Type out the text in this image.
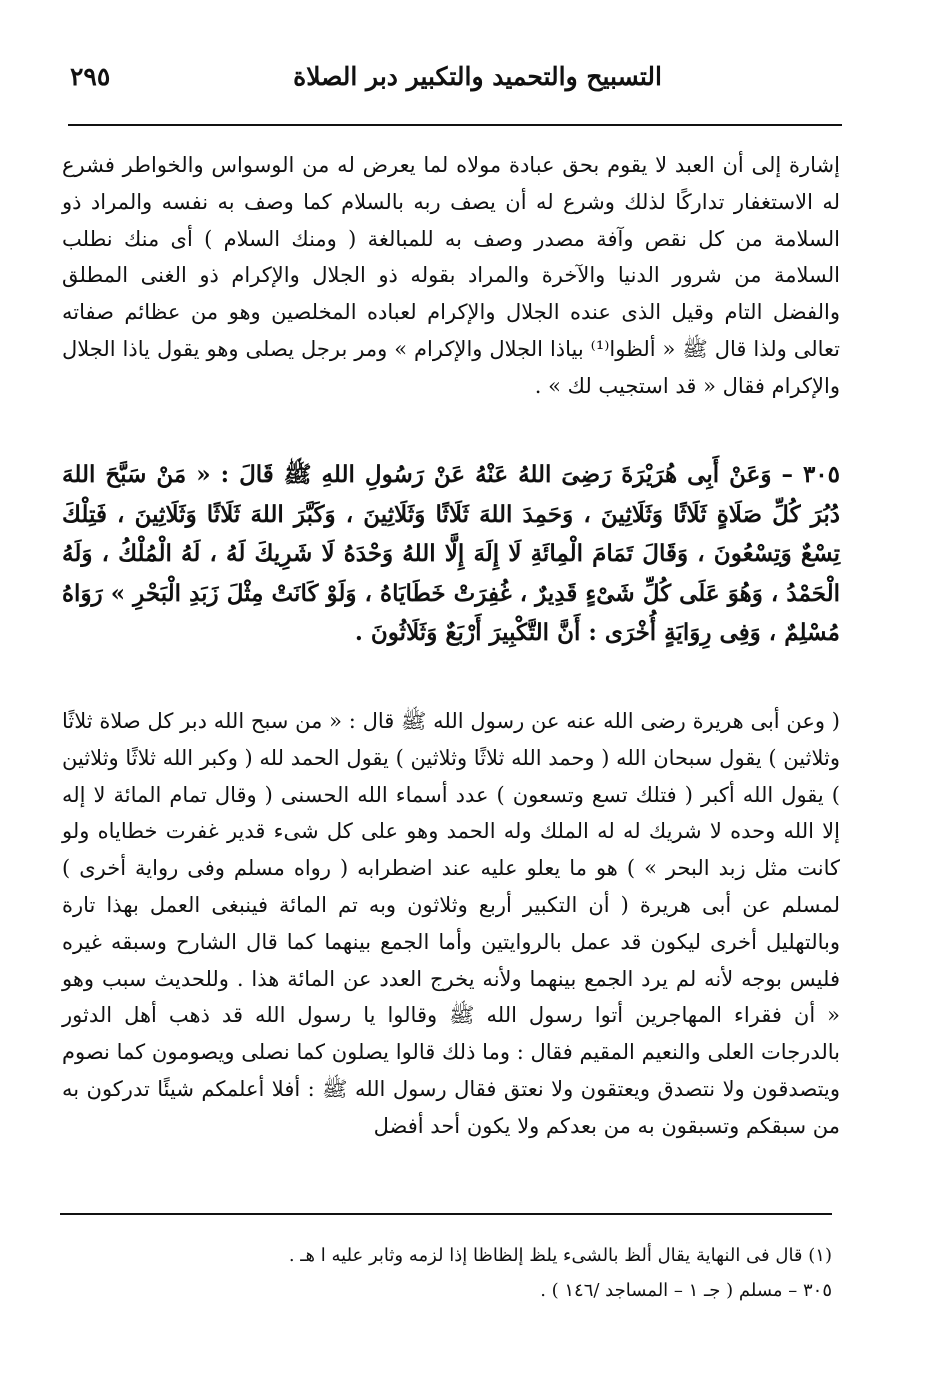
التسبيح والتحميد والتكبير دبر الصلاة
٢٩٥

إشارة إلى أن العبد لا يقوم بحق عبادة مولاه لما يعرض له من الوسواس والخواطر فشرع له الاستغفار تداركًا لذلك وشرع له أن يصف ربه بالسلام كما وصف به نفسه والمراد ذو السلامة من كل نقص وآفة مصدر وصف به للمبالغة ( ومنك السلام ) أى منك نطلب السلامة من شرور الدنيا والآخرة والمراد بقوله ذو الجلال والإكرام ذو الغنى المطلق والفضل التام وقيل الذى عنده الجلال والإكرام لعباده المخلصين وهو من عظائم صفاته تعالى ولذا قال ﷺ « ألظوا⁽¹⁾ بياذا الجلال والإكرام » ومر برجل يصلى وهو يقول ياذا الجلال والإكرام فقال « قد استجيب لك » .

٣٠٥ – وَعَنْ أَبِى هُرَيْرَةَ رَضِىَ اللهُ عَنْهُ عَنْ رَسُولِ اللهِ ﷺ قَالَ : « مَنْ سَبَّحَ اللهَ دُبُرَ كُلِّ صَلَاةٍ ثَلَاثًا وَثَلَاثِينَ ، وَحَمِدَ اللهَ ثَلَاثًا وَثَلَاثِينَ ، وَكَبَّرَ اللهَ ثَلَاثًا وَثَلَاثِينَ ، فَتِلْكَ تِسْعٌ وَتِسْعُونَ ، وَقَالَ تَمَامَ الْمِائَةِ لَا إِلَهَ إِلَّا اللهُ وَحْدَهُ لَا شَرِيكَ لَهُ ، لَهُ الْمُلْكُ ، وَلَهُ الْحَمْدُ ، وَهُوَ عَلَى كُلِّ شَىْءٍ قَدِيرٌ ، غُفِرَتْ خَطَايَاهُ ، وَلَوْ كَانَتْ مِثْلَ زَبَدِ الْبَحْرِ » رَوَاهُ مُسْلِمٌ ، وَفِى رِوَايَةٍ أُخْرَى : أَنَّ التَّكْبِيرَ أَرْبَعٌ وَثَلَاثُونَ .

( وعن أبى هريرة رضى الله عنه عن رسول الله ﷺ قال : « من سبح الله دبر كل صلاة ثلاثًا وثلاثين ) يقول سبحان الله ( وحمد الله ثلاثًا وثلاثين ) يقول الحمد لله ( وكبر الله ثلاثًا وثلاثين ) يقول الله أكبر ( فتلك تسع وتسعون ) عدد أسماء الله الحسنى ( وقال تمام المائة لا إله إلا الله وحده لا شريك له له الملك وله الحمد وهو على كل شىء قدير غفرت خطاياه ولو كانت مثل زبد البحر » ) هو ما يعلو عليه عند اضطرابه ( رواه مسلم وفى رواية أخرى ) لمسلم عن أبى هريرة ( أن التكبير أربع وثلاثون وبه تم المائة فينبغى العمل بهذا تارة وبالتهليل أخرى ليكون قد عمل بالروايتين وأما الجمع بينهما كما قال الشارح وسبقه غيره فليس بوجه لأنه لم يرد الجمع بينهما ولأنه يخرج العدد عن المائة هذا . وللحديث سبب وهو « أن فقراء المهاجرين أتوا رسول الله ﷺ وقالوا يا رسول الله قد ذهب أهل الدثور بالدرجات العلى والنعيم المقيم فقال : وما ذلك قالوا يصلون كما نصلى ويصومون كما نصوم ويتصدقون ولا نتصدق ويعتقون ولا نعتق فقال رسول الله ﷺ : أفلا أعلمكم شيئًا تدركون به من سبقكم وتسبقون به من بعدكم ولا يكون أحد أفضل

(١) قال فى النهاية يقال ألظ بالشىء يلظ إلظاظا إذا لزمه وثابر عليه ا هـ .

٣٠٥ – مسلم ( جـ ١ – المساجد /١٤٦ ) .
